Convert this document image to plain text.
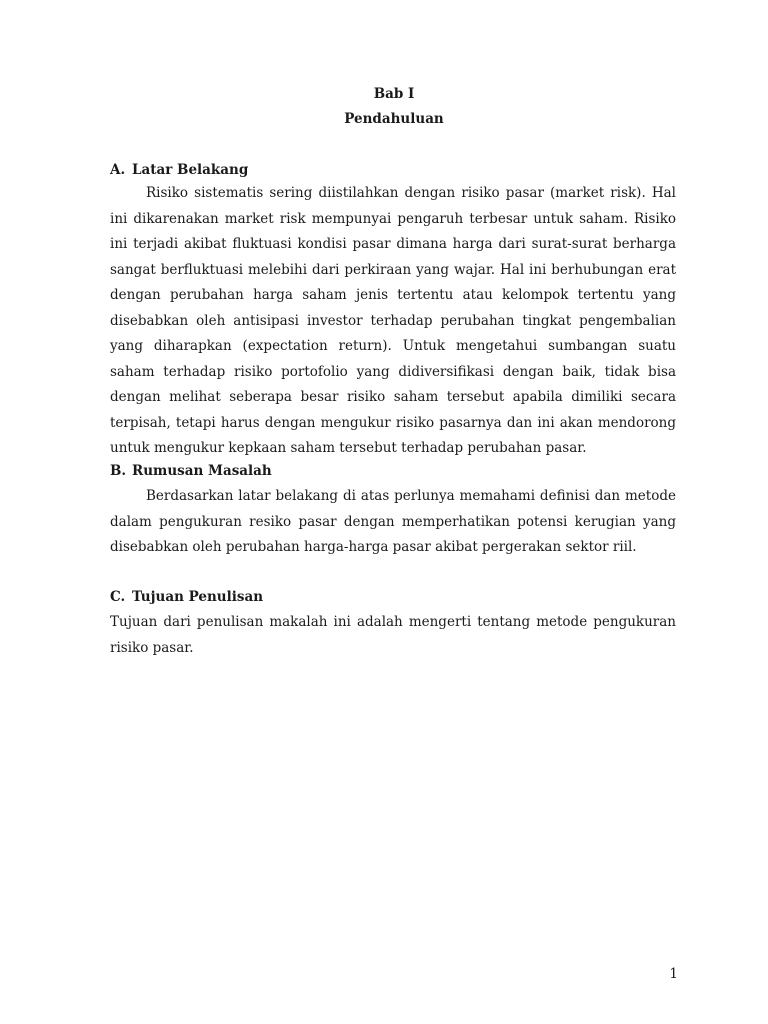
Bab I
Pendahuluan
A. Latar Belakang
Risiko sistematis sering diistilahkan dengan risiko pasar (market risk). Hal ini dikarenakan market risk mempunyai pengaruh terbesar untuk saham. Risiko ini terjadi akibat fluktuasi kondisi pasar dimana harga dari surat-surat berharga sangat berfluktuasi melebihi dari perkiraan yang wajar. Hal ini berhubungan erat dengan perubahan harga saham jenis tertentu atau kelompok tertentu yang disebabkan oleh antisipasi investor terhadap perubahan tingkat pengembalian yang diharapkan (expectation return). Untuk mengetahui sumbangan suatu saham terhadap risiko portofolio yang didiversifikasi dengan baik, tidak bisa dengan melihat seberapa besar risiko saham tersebut apabila dimiliki secara terpisah, tetapi harus dengan mengukur risiko pasarnya dan ini akan mendorong untuk mengukur kepkaan saham tersebut terhadap perubahan pasar.
B. Rumusan Masalah
Berdasarkan latar belakang di atas perlunya memahami definisi dan metode dalam pengukuran resiko pasar dengan memperhatikan potensi kerugian yang disebabkan oleh perubahan harga-harga pasar akibat pergerakan sektor riil.
C. Tujuan Penulisan
Tujuan dari penulisan makalah ini adalah mengerti tentang metode pengukuran risiko pasar.
1
